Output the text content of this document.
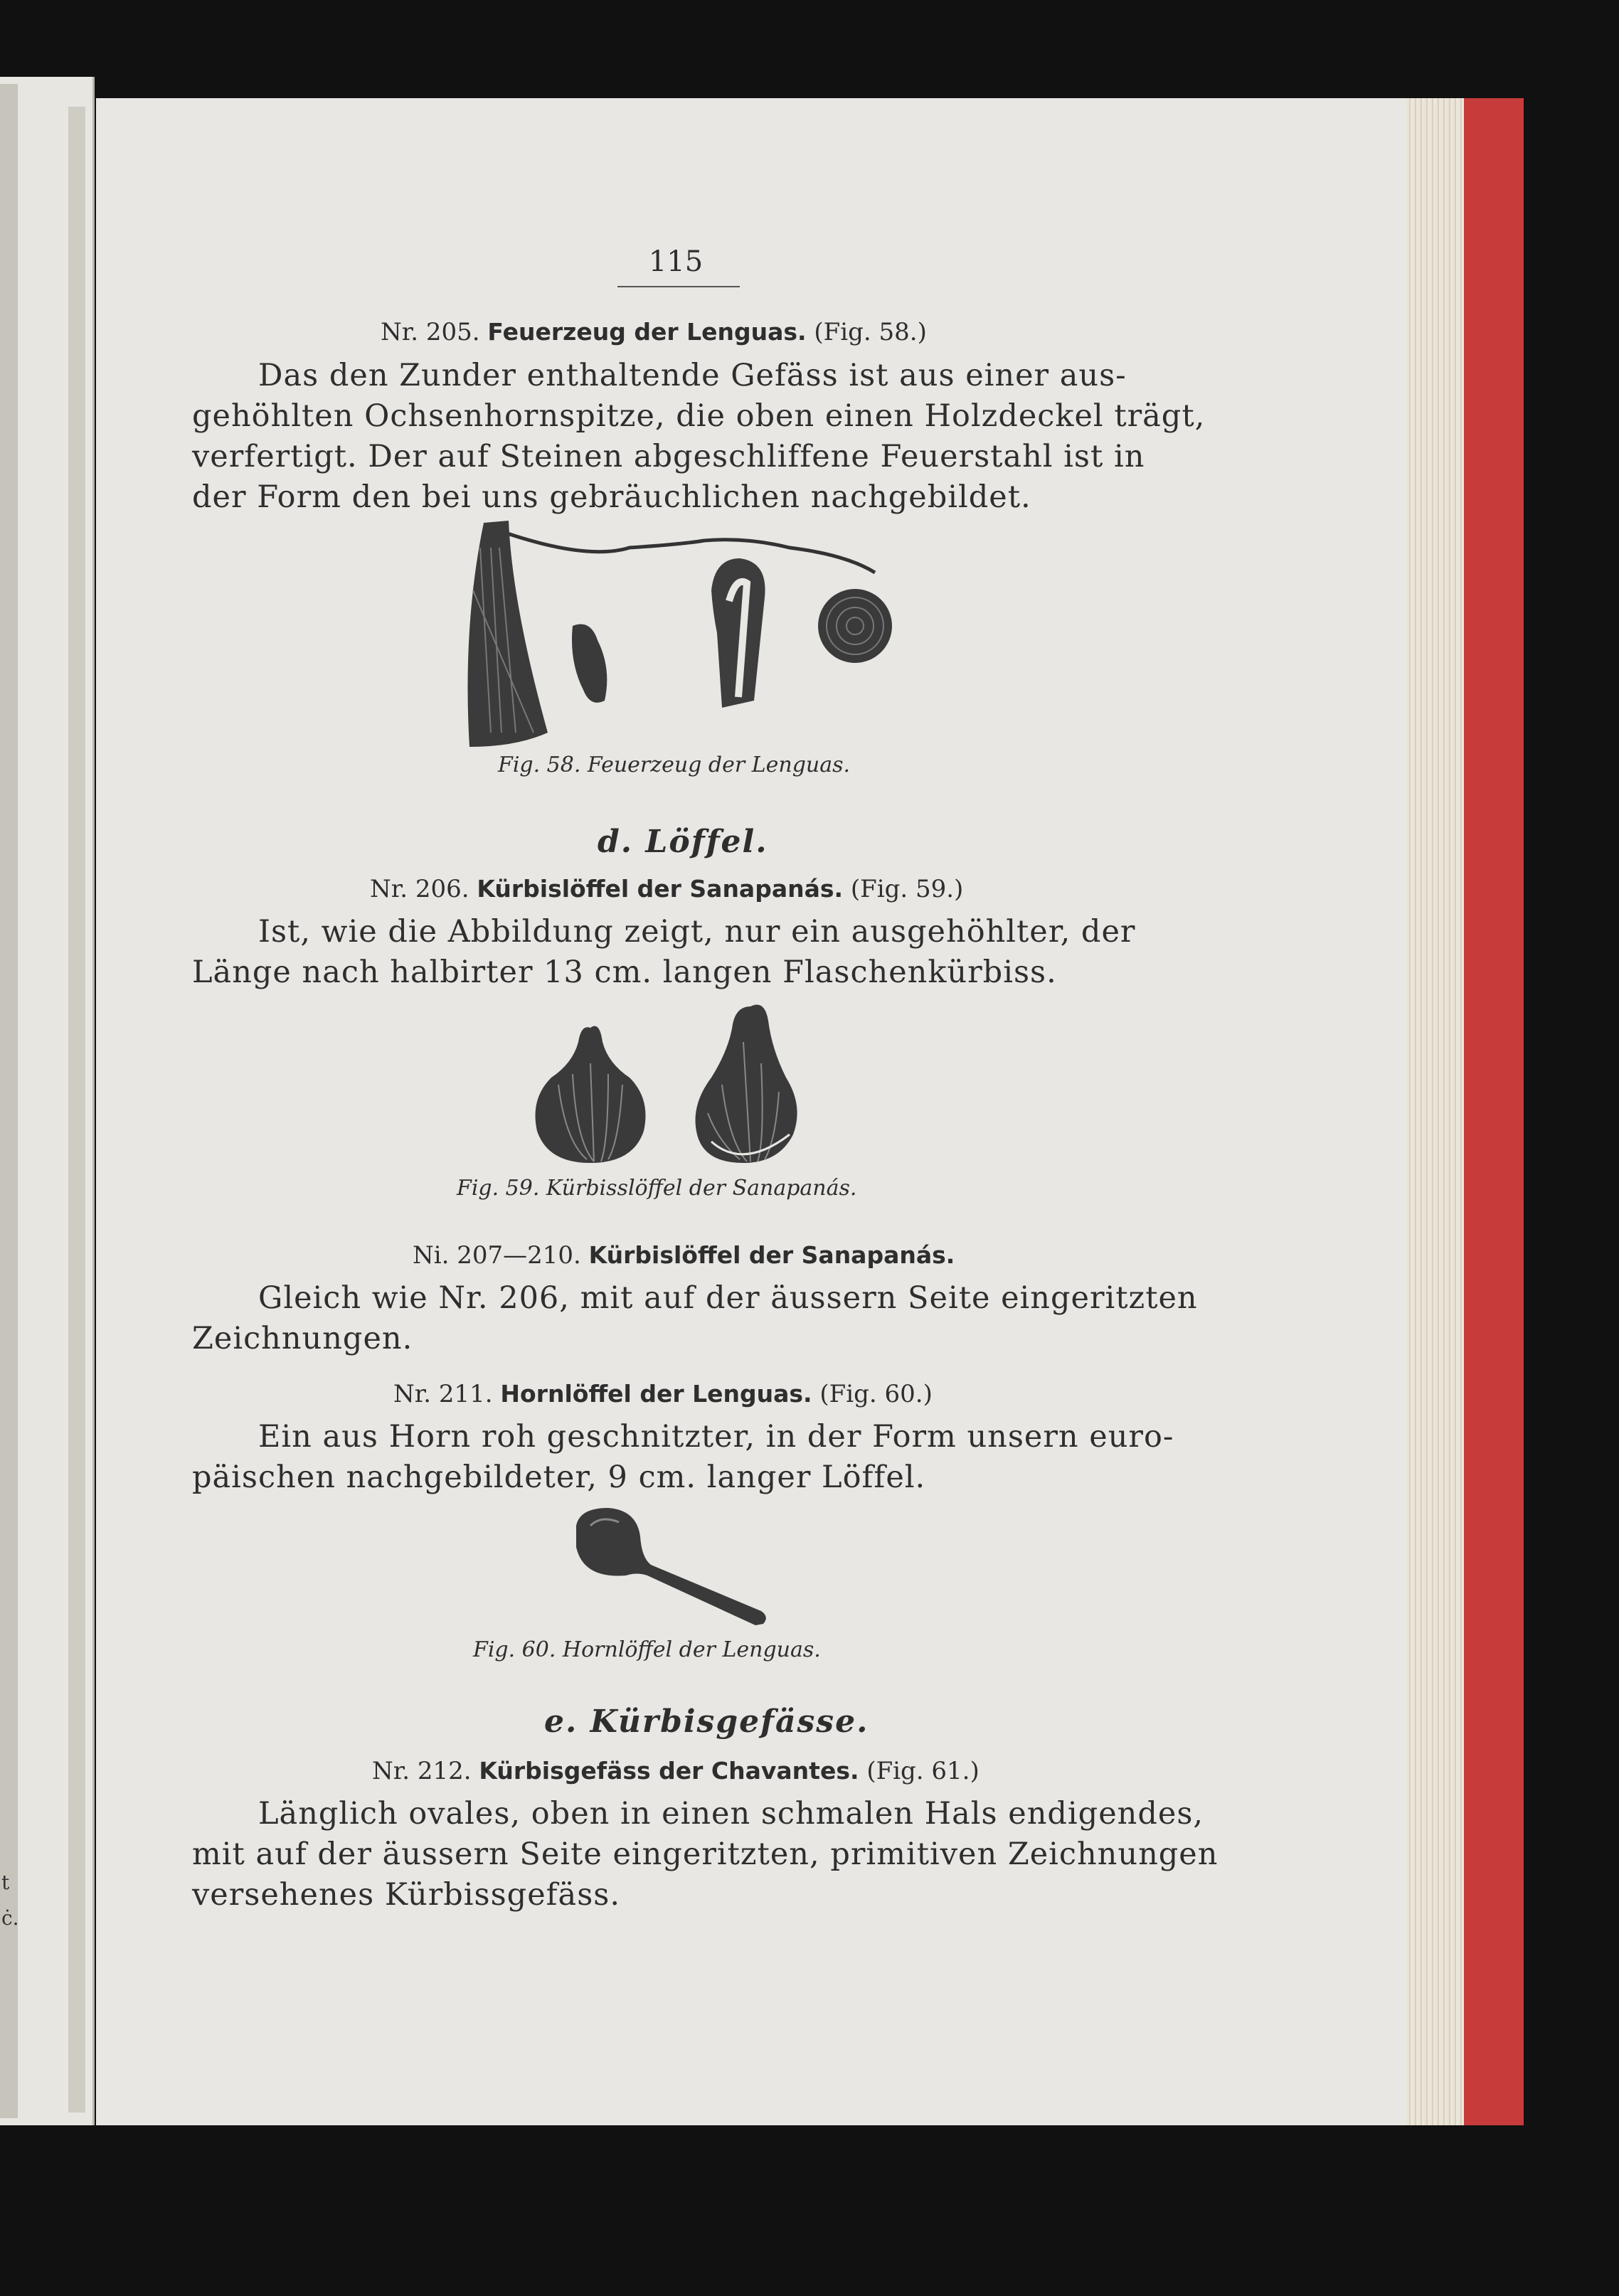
t
ċ.
115
Nr. 205. Feuerzeug der Lenguas. (Fig. 58.)
Das den Zunder enthaltende Gefäss ist aus einer aus-
gehöhlten Ochsenhornspitze, die oben einen Holzdeckel trägt,
verfertigt. Der auf Steinen abgeschliffene Feuerstahl ist in
der Form den bei uns gebräuchlichen nachgebildet.
Fig. 58. Feuerzeug der Lenguas.
d. Löffel.
Nr. 206. Kürbislöffel der Sanapanás. (Fig. 59.)
Ist, wie die Abbildung zeigt, nur ein ausgehöhlter, der
Länge nach halbirter 13 cm. langen Flaschenkürbiss.
Fig. 59. Kürbisslöffel der Sanapanás.
Ni. 207—210. Kürbislöffel der Sanapanás.
Gleich wie Nr. 206, mit auf der äussern Seite eingeritzten
Zeichnungen.
Nr. 211. Hornlöffel der Lenguas. (Fig. 60.)
Ein aus Horn roh geschnitzter, in der Form unsern euro-
päischen nachgebildeter, 9 cm. langer Löffel.
Fig. 60. Hornlöffel der Lenguas.
e. Kürbisgefässe.
Nr. 212. Kürbisgefäss der Chavantes. (Fig. 61.)
Länglich ovales, oben in einen schmalen Hals endigendes,
mit auf der äussern Seite eingeritzten, primitiven Zeichnungen
versehenes Kürbissgefäss.
